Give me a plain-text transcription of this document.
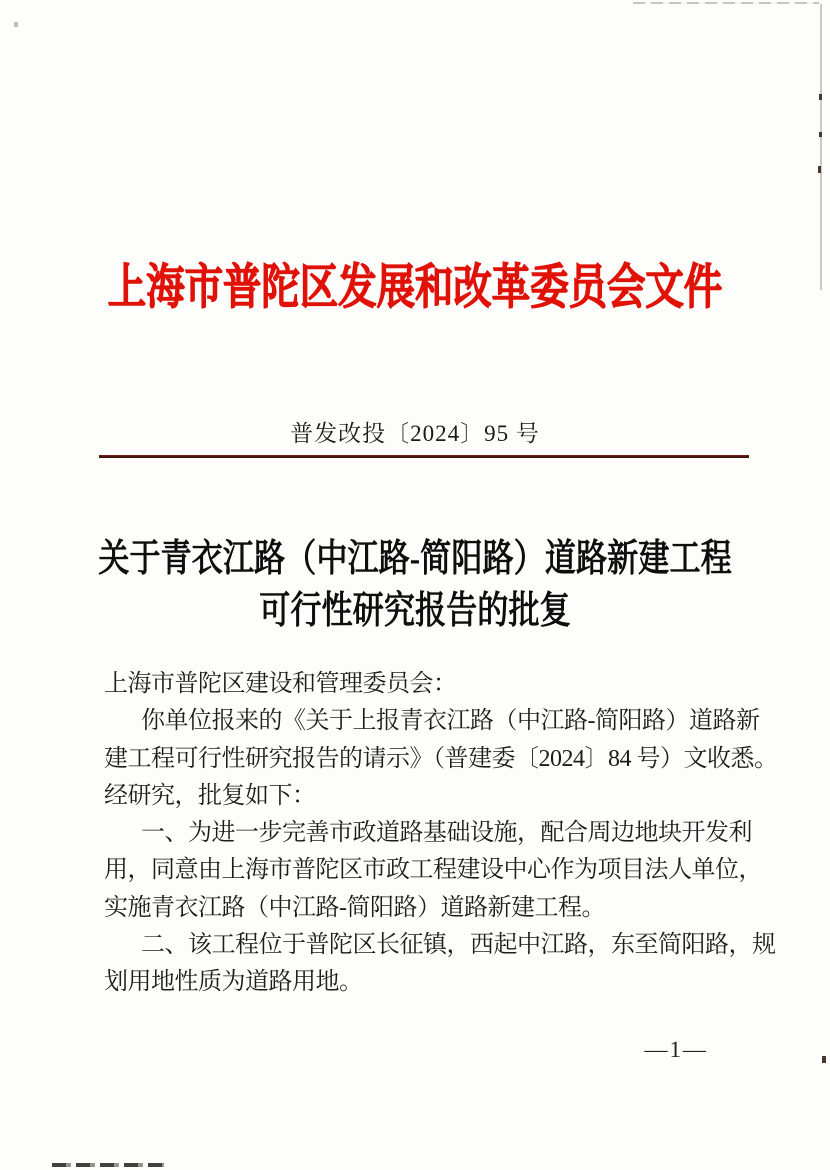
上海市普陀区发展和改革委员会文件
普发改投〔2024〕95 号
关于青衣江路（中江路-简阳路）道路新建工程
可行性研究报告的批复
上海市普陀区建设和管理委员会：
你单位报来的《关于上报青衣江路（中江路-简阳路）道路新
建工程可行性研究报告的请示》（普建委〔2024〕84 号）文收悉。
经研究，批复如下：
一、为进一步完善市政道路基础设施，配合周边地块开发利
用，同意由上海市普陀区市政工程建设中心作为项目法人单位，
实施青衣江路（中江路-简阳路）道路新建工程。
二、该工程位于普陀区长征镇，西起中江路，东至简阳路，规
划用地性质为道路用地。
—1—
